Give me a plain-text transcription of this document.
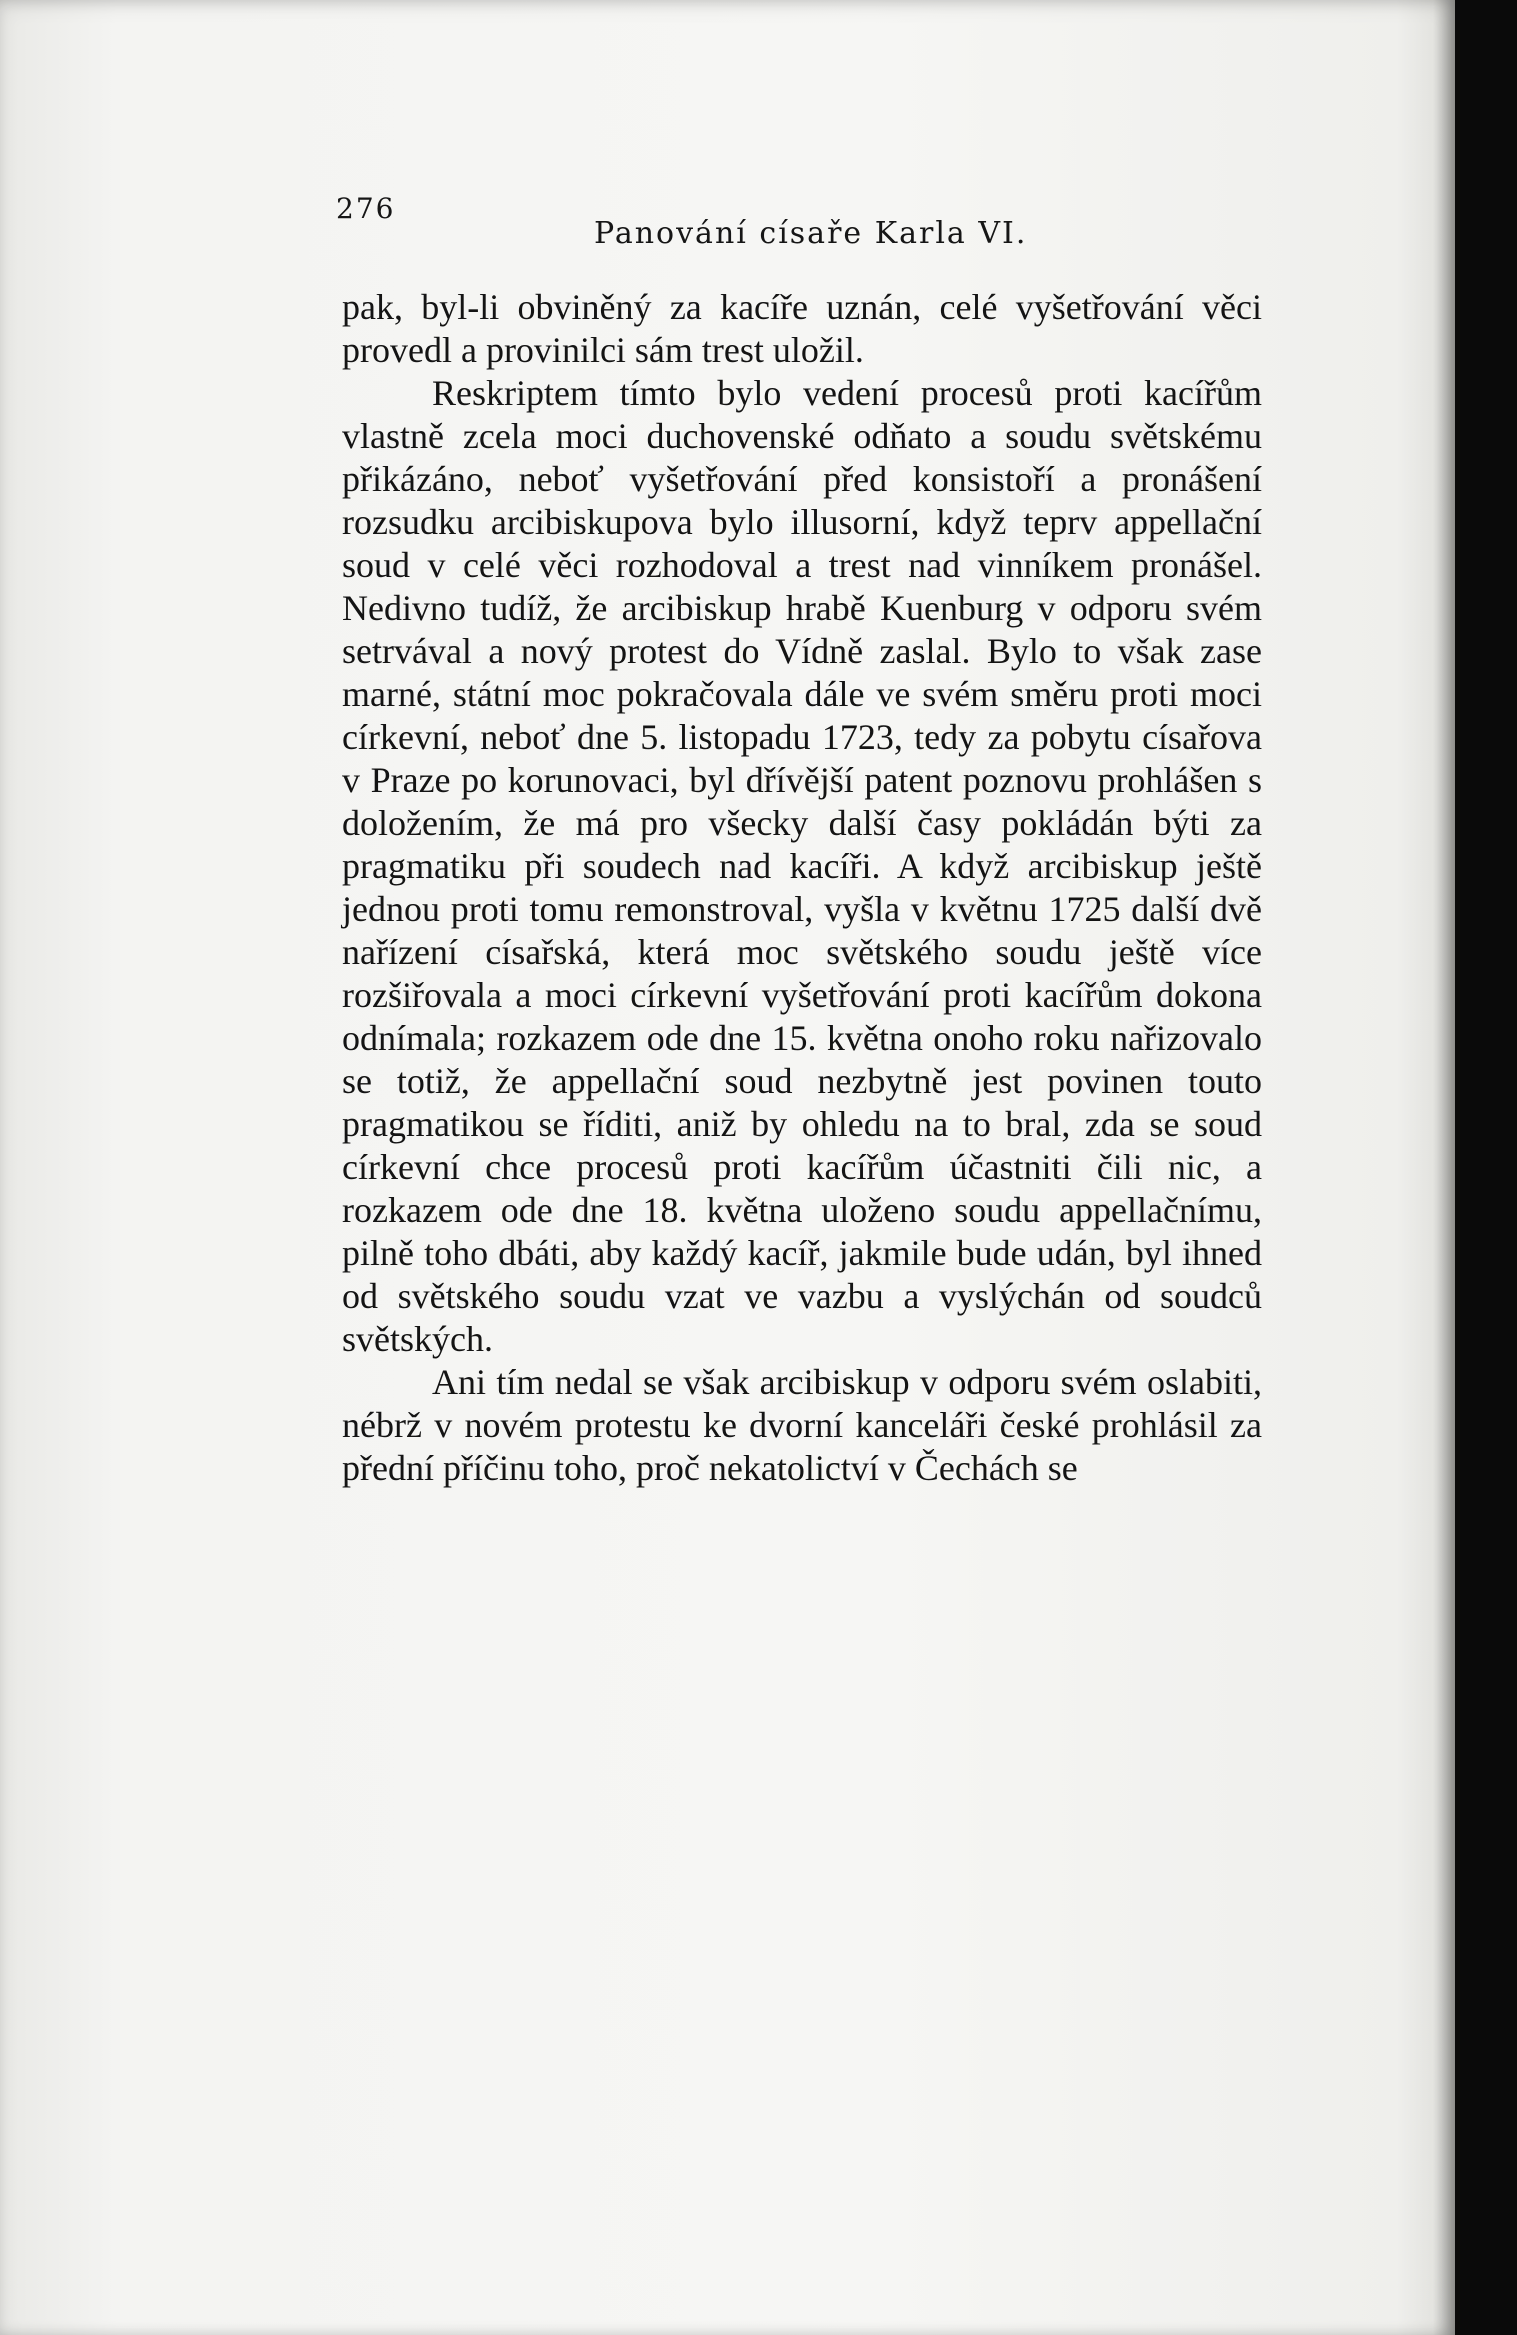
276
Panování císaře Karla VI.

pak, byl-li obviněný za kacíře uznán, celé vyšetřování věci provedl a provinilci sám trest uložil.

Reskriptem tímto bylo vedení procesů proti kacířům vlastně zcela moci duchovenské odňato a soudu světskému přikázáno, neboť vyšetřování před konsistoří a pronášení rozsudku arcibiskupova bylo illusorní, když teprv appellační soud v celé věci rozhodoval a trest nad vinníkem pronášel. Nedivno tudíž, že arcibiskup hrabě Kuenburg v odporu svém setrvával a nový protest do Vídně zaslal. Bylo to však zase marné, státní moc pokračovala dále ve svém směru proti moci církevní, neboť dne 5. listopadu 1723, tedy za pobytu císařova v Praze po korunovaci, byl dřívější patent poznovu prohlášen s doložením, že má pro všecky další časy pokládán býti za pragmatiku při soudech nad kacíři. A když arcibiskup ještě jednou proti tomu remonstroval, vyšla v květnu 1725 další dvě nařízení císařská, která moc světského soudu ještě více rozšiřovala a moci církevní vyšetřování proti kacířům dokona odnímala; rozkazem ode dne 15. května onoho roku nařizovalo se totiž, že appellační soud nezbytně jest povinen touto pragmatikou se říditi, aniž by ohledu na to bral, zda se soud církevní chce procesů proti kacířům účastniti čili nic, a rozkazem ode dne 18. května uloženo soudu appellačnímu, pilně toho dbáti, aby každý kacíř, jakmile bude udán, byl ihned od světského soudu vzat ve vazbu a vyslýchán od soudců světských.

Ani tím nedal se však arcibiskup v odporu svém oslabiti, nébrž v novém protestu ke dvorní kanceláři české prohlásil za přední příčinu toho, proč nekatolictví v Čechách se
